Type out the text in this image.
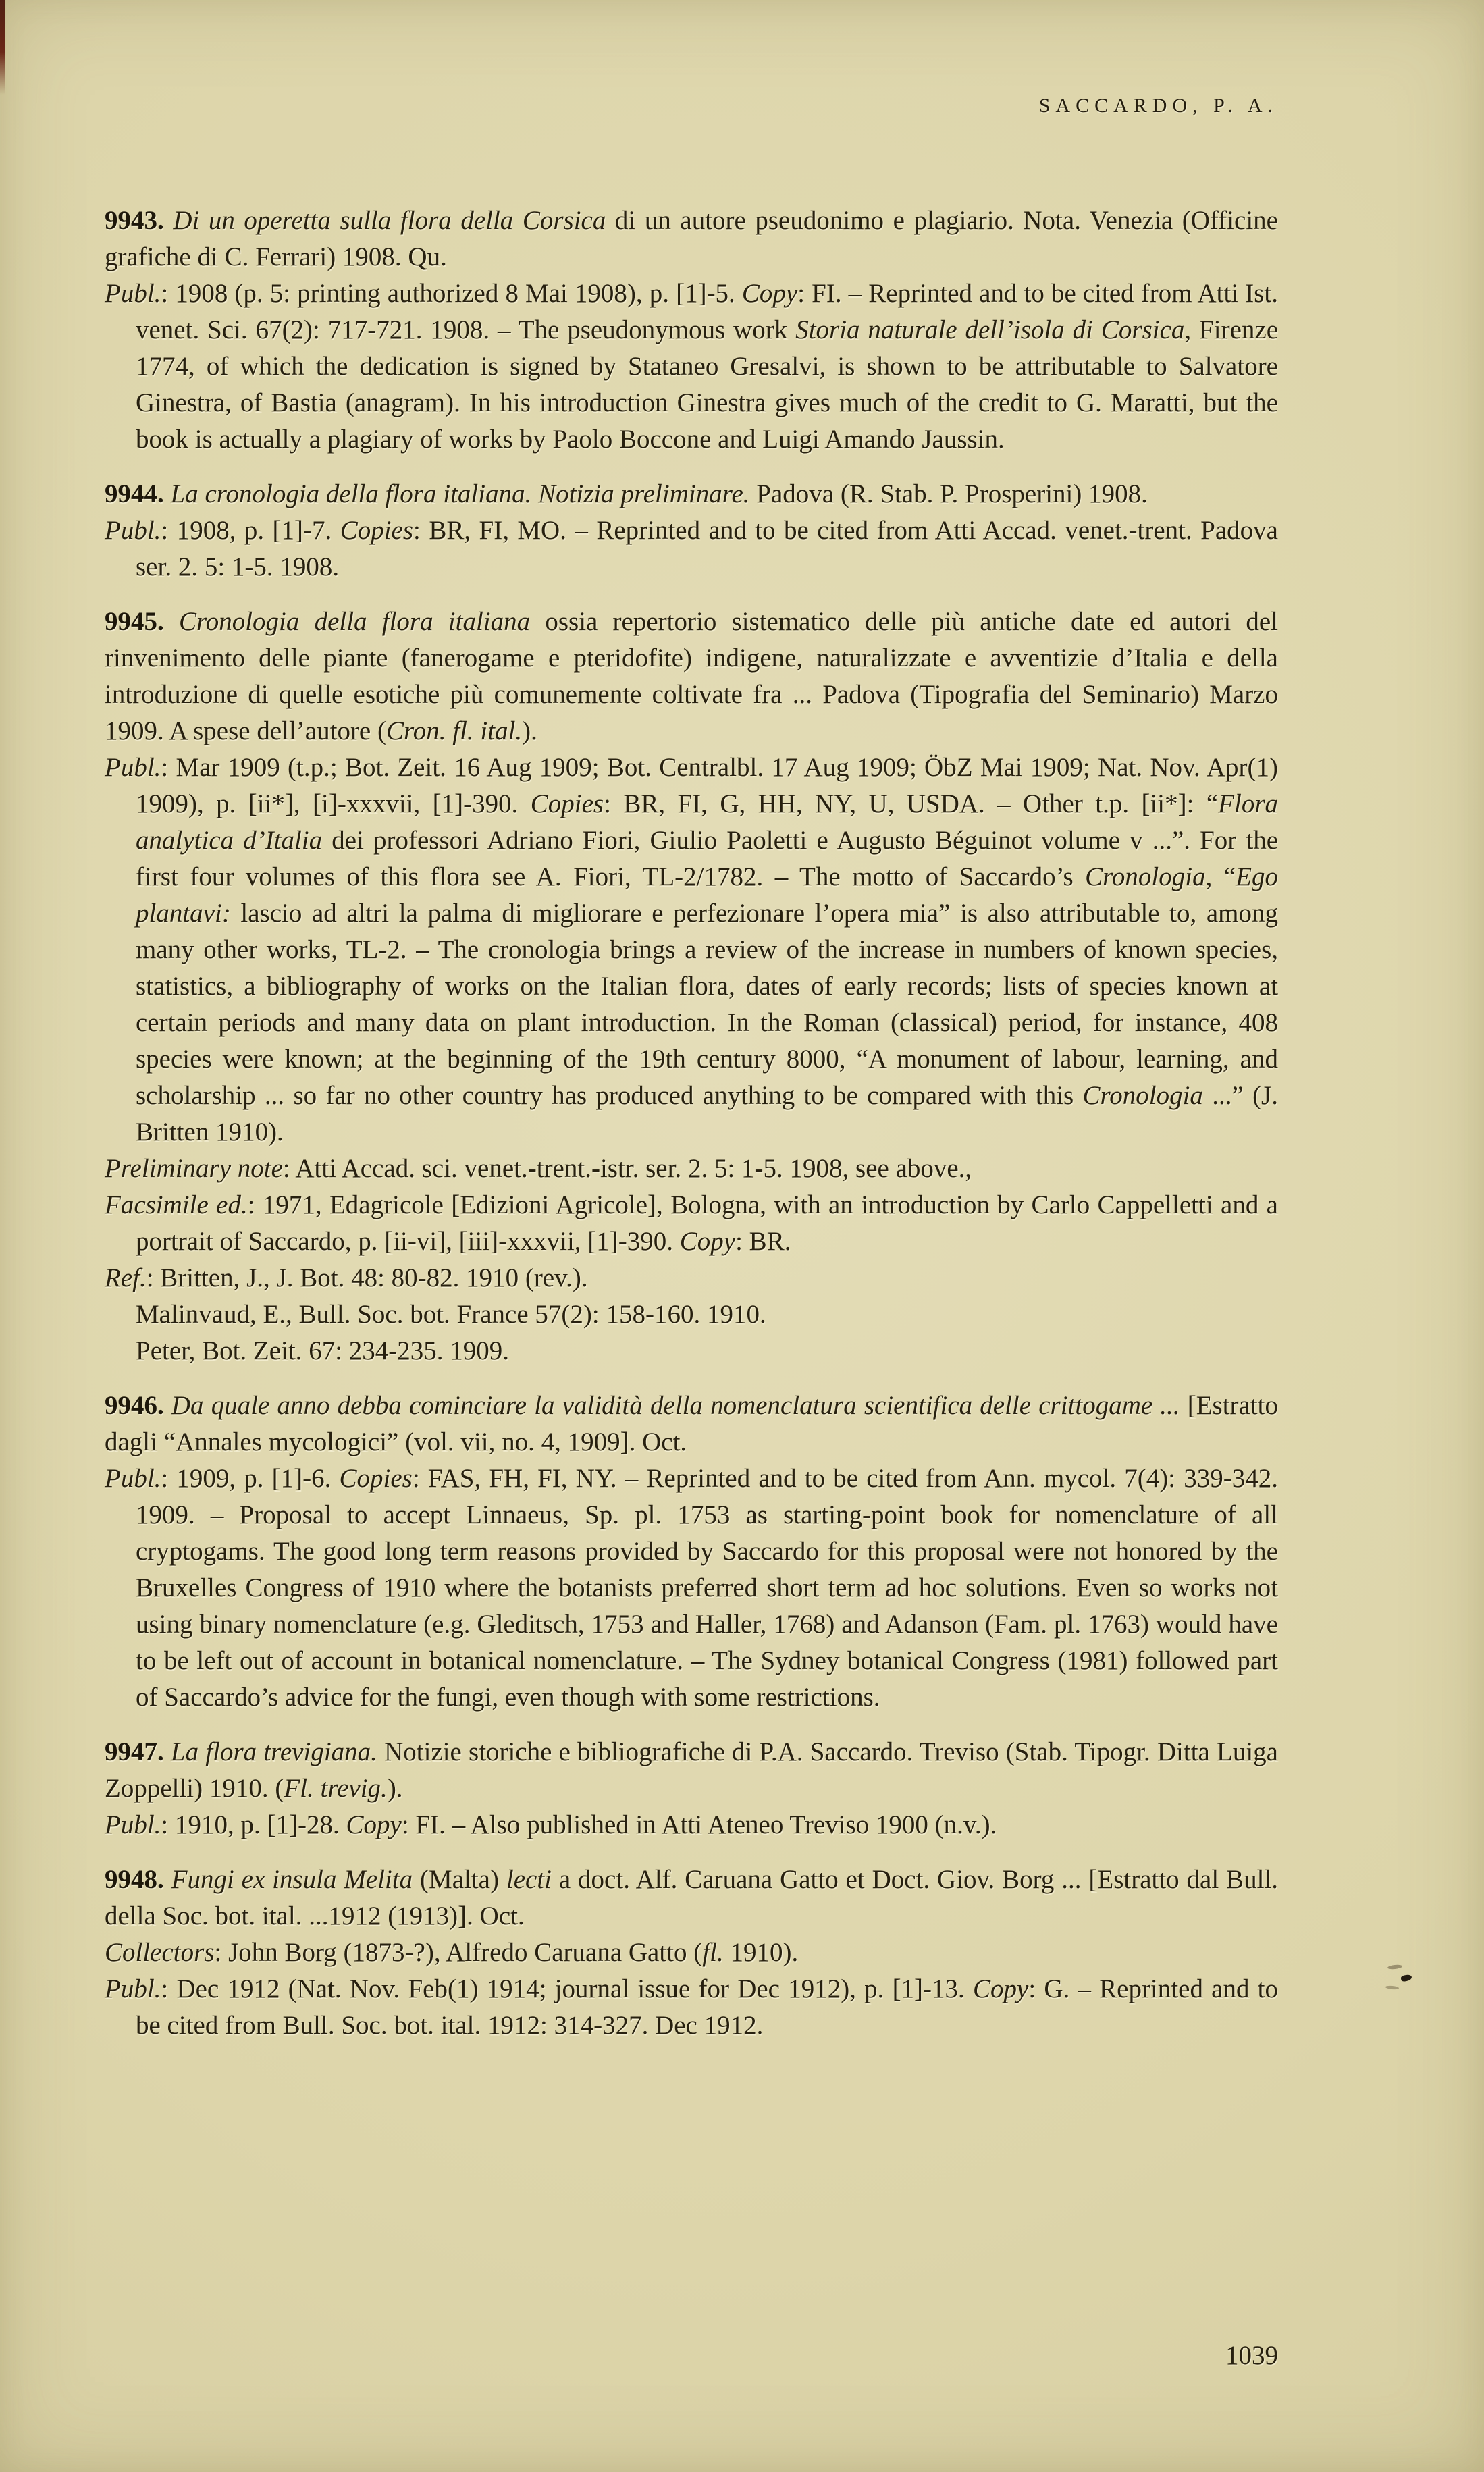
SACCARDO, P. A.

9943. Di un operetta sulla flora della Corsica di un autore pseudonimo e plagiario. Nota. Venezia (Officine grafiche di C. Ferrari) 1908. Qu.

Publ.: 1908 (p. 5: printing authorized 8 Mai 1908), p. [1]-5. Copy: FI. – Reprinted and to be cited from Atti Ist. venet. Sci. 67(2): 717-721. 1908. – The pseudonymous work Storia naturale dell’isola di Corsica, Firenze 1774, of which the dedication is signed by Stataneo Gresalvi, is shown to be attributable to Salvatore Ginestra, of Bastia (anagram). In his introduction Ginestra gives much of the credit to G. Maratti, but the book is actually a plagiary of works by Paolo Boccone and Luigi Amando Jaussin.

9944. La cronologia della flora italiana. Notizia preliminare. Padova (R. Stab. P. Prosperini) 1908.

Publ.: 1908, p. [1]-7. Copies: BR, FI, MO. – Reprinted and to be cited from Atti Accad. venet.-trent. Padova ser. 2. 5: 1-5. 1908.

9945. Cronologia della flora italiana ossia repertorio sistematico delle più antiche date ed autori del rinvenimento delle piante (fanerogame e pteridofite) indigene, naturalizzate e avventizie d’Italia e della introduzione di quelle esotiche più comunemente coltivate fra ... Padova (Tipografia del Seminario) Marzo 1909. A spese dell’autore (Cron. fl. ital.).

Publ.: Mar 1909 (t.p.; Bot. Zeit. 16 Aug 1909; Bot. Centralbl. 17 Aug 1909; ÖbZ Mai 1909; Nat. Nov. Apr(1) 1909), p. [ii*], [i]-xxxvii, [1]-390. Copies: BR, FI, G, HH, NY, U, USDA. – Other t.p. [ii*]: “Flora analytica d’Italia dei professori Adriano Fiori, Giulio Paoletti e Augusto Béguinot volume v ...”. For the first four volumes of this flora see A. Fiori, TL-2/1782. – The motto of Saccardo’s Cronologia, “Ego plantavi: lascio ad altri la palma di migliorare e perfezionare l’opera mia” is also attributable to, among many other works, TL-2. – The cronologia brings a review of the increase in numbers of known species, statistics, a bibliography of works on the Italian flora, dates of early records; lists of species known at certain periods and many data on plant introduction. In the Roman (classical) period, for instance, 408 species were known; at the beginning of the 19th century 8000, “A monument of labour, learning, and scholarship ... so far no other country has produced anything to be compared with this Cronologia ...” (J. Britten 1910).

Preliminary note: Atti Accad. sci. venet.-trent.-istr. ser. 2. 5: 1-5. 1908, see above.,

Facsimile ed.: 1971, Edagricole [Edizioni Agricole], Bologna, with an introduction by Carlo Cappelletti and a portrait of Saccardo, p. [ii-vi], [iii]-xxxvii, [1]-390. Copy: BR.

Ref.: Britten, J., J. Bot. 48: 80-82. 1910 (rev.).

Malinvaud, E., Bull. Soc. bot. France 57(2): 158-160. 1910.

Peter, Bot. Zeit. 67: 234-235. 1909.

9946. Da quale anno debba cominciare la validità della nomenclatura scientifica delle crittogame ... [Estratto dagli “Annales mycologici” (vol. vii, no. 4, 1909]. Oct.

Publ.: 1909, p. [1]-6. Copies: FAS, FH, FI, NY. – Reprinted and to be cited from Ann. mycol. 7(4): 339-342. 1909. – Proposal to accept Linnaeus, Sp. pl. 1753 as starting-point book for nomenclature of all cryptogams. The good long term reasons provided by Saccardo for this proposal were not honored by the Bruxelles Congress of 1910 where the botanists preferred short term ad hoc solutions. Even so works not using binary nomenclature (e.g. Gleditsch, 1753 and Haller, 1768) and Adanson (Fam. pl. 1763) would have to be left out of account in botanical nomenclature. – The Sydney botanical Congress (1981) followed part of Saccardo’s advice for the fungi, even though with some restrictions.

9947. La flora trevigiana. Notizie storiche e bibliografiche di P.A. Saccardo. Treviso (Stab. Tipogr. Ditta Luiga Zoppelli) 1910. (Fl. trevig.).

Publ.: 1910, p. [1]-28. Copy: FI. – Also published in Atti Ateneo Treviso 1900 (n.v.).

9948. Fungi ex insula Melita (Malta) lecti a doct. Alf. Caruana Gatto et Doct. Giov. Borg ... [Estratto dal Bull. della Soc. bot. ital. ...1912 (1913)]. Oct.

Collectors: John Borg (1873-?), Alfredo Caruana Gatto (fl. 1910).

Publ.: Dec 1912 (Nat. Nov. Feb(1) 1914; journal issue for Dec 1912), p. [1]-13. Copy: G. – Reprinted and to be cited from Bull. Soc. bot. ital. 1912: 314-327. Dec 1912.

1039
